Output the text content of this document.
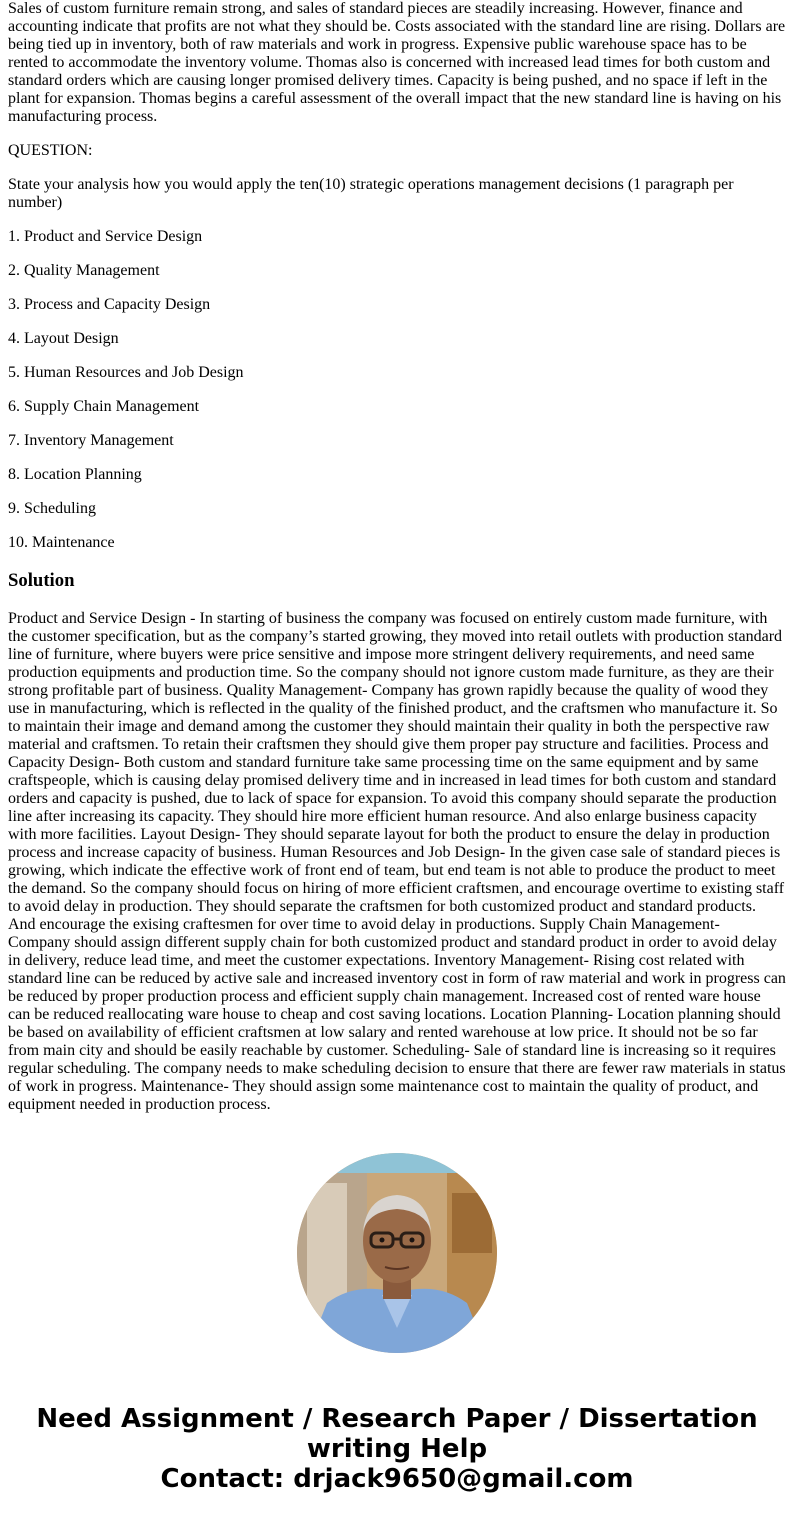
Sales of custom furniture remain strong, and sales of standard pieces are steadily increasing. However, finance and accounting indicate that profits are not what they should be. Costs associated with the standard line are rising. Dollars are being tied up in inventory, both of raw materials and work in progress. Expensive public warehouse space has to be rented to accommodate the inventory volume. Thomas also is concerned with increased lead times for both custom and standard orders which are causing longer promised delivery times. Capacity is being pushed, and no space if left in the plant for expansion. Thomas begins a careful assessment of the overall impact that the new standard line is having on his manufacturing process.

QUESTION:

State your analysis how you would apply the ten(10) strategic operations management decisions (1 paragraph per number)

1. Product and Service Design

2. Quality Management

3. Process and Capacity Design

4. Layout Design

5. Human Resources and Job Design

6. Supply Chain Management

7. Inventory Management

8. Location Planning

9. Scheduling

10. Maintenance

Solution

Product and Service Design - In starting of business the company was focused on entirely custom made furniture, with the customer specification, but as the company’s started growing, they moved into retail outlets with production standard line of furniture, where buyers were price sensitive and impose more stringent delivery requirements, and need same production equipments and production time. So the company should not ignore custom made furniture, as they are their strong profitable part of business. Quality Management- Company has grown rapidly because the quality of wood they use in manufacturing, which is reflected in the quality of the finished product, and the craftsmen who manufacture it. So to maintain their image and demand among the customer they should maintain their quality in both the perspective raw material and craftsmen. To retain their craftsmen they should give them proper pay structure and facilities. Process and Capacity Design- Both custom and standard furniture take same processing time on the same equipment and by same craftspeople, which is causing delay promised delivery time and in increased in lead times for both custom and standard orders and capacity is pushed, due to lack of space for expansion. To avoid this company should separate the production line after increasing its capacity. They should hire more efficient human resource. And also enlarge business capacity with more facilities. Layout Design- They should separate layout for both the product to ensure the delay in production process and increase capacity of business. Human Resources and Job Design- In the given case sale of standard pieces is growing, which indicate the effective work of front end of team, but end team is not able to produce the product to meet the demand. So the company should focus on hiring of more efficient craftsmen, and encourage overtime to existing staff to avoid delay in production. They should separate the craftsmen for both customized product and standard products. And encourage the exising craftesmen for over time to avoid delay in productions. Supply Chain Management- Company should assign different supply chain for both customized product and standard product in order to avoid delay in delivery, reduce lead time, and meet the customer expectations. Inventory Management- Rising cost related with standard line can be reduced by active sale and increased inventory cost in form of raw material and work in progress can be reduced by proper production process and efficient supply chain management. Increased cost of rented ware house can be reduced reallocating ware house to cheap and cost saving locations. Location Planning- Location planning should be based on availability of efficient craftsmen at low salary and rented warehouse at low price. It should not be so far from main city and should be easily reachable by customer. Scheduling- Sale of standard line is increasing so it requires regular scheduling. The company needs to make scheduling decision to ensure that there are fewer raw materials in status of work in progress. Maintenance- They should assign some maintenance cost to maintain the quality of product, and equipment needed in production process.

Need Assignment / Research Paper / Dissertation writing Help
Contact: drjack9650@gmail.com
